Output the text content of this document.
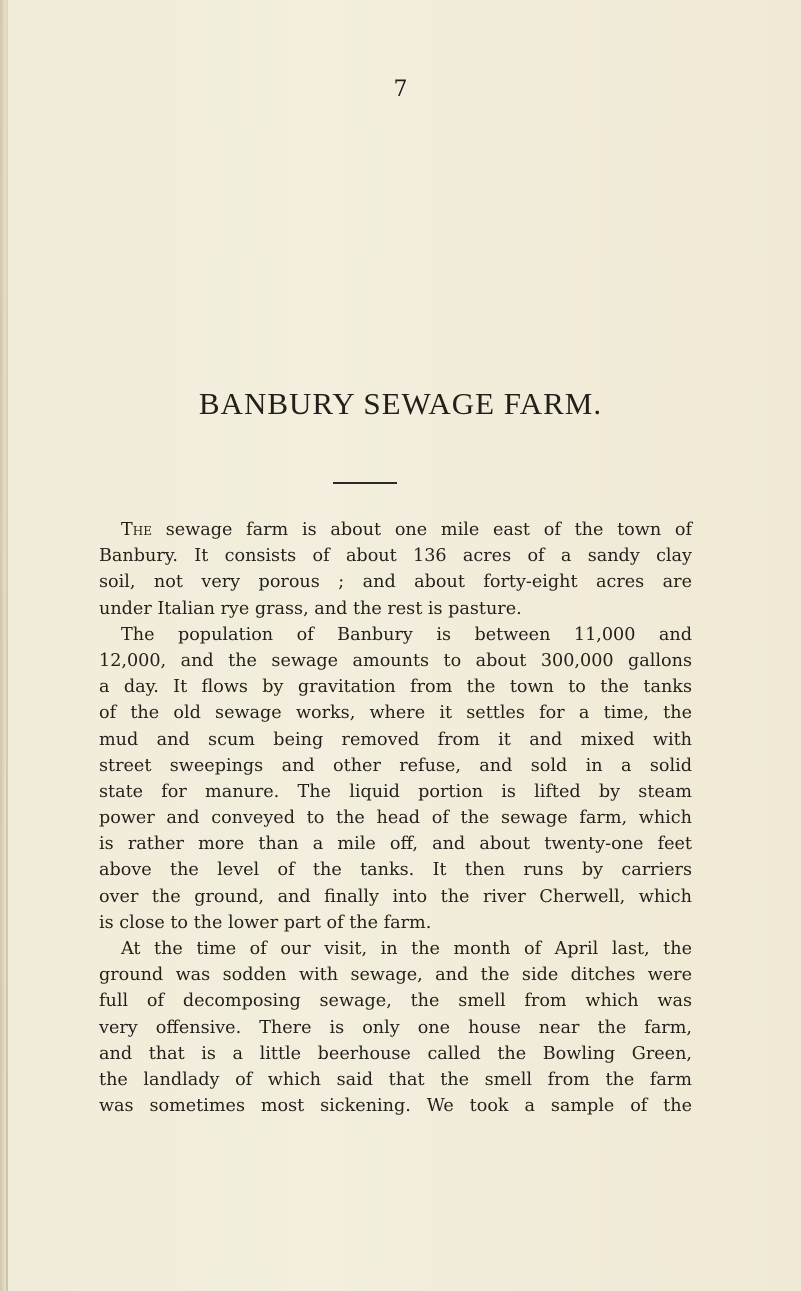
7
BANBURY SEWAGE FARM.
The sewage farm is about one mile east of the town of
Banbury. It consists of about 136 acres of a sandy clay
soil, not very porous ; and about forty-eight acres are
under Italian rye grass, and the rest is pasture.
The population of Banbury is between 11,000 and
12,000, and the sewage amounts to about 300,000 gallons
a day. It flows by gravitation from the town to the tanks
of the old sewage works, where it settles for a time, the
mud and scum being removed from it and mixed with
street sweepings and other refuse, and sold in a solid
state for manure. The liquid portion is lifted by steam
power and conveyed to the head of the sewage farm, which
is rather more than a mile off, and about twenty-one feet
above the level of the tanks. It then runs by carriers
over the ground, and finally into the river Cherwell, which
is close to the lower part of the farm.
At the time of our visit, in the month of April last, the
ground was sodden with sewage, and the side ditches were
full of decomposing sewage, the smell from which was
very offensive. There is only one house near the farm,
and that is a little beerhouse called the Bowling Green,
the landlady of which said that the smell from the farm
was sometimes most sickening. We took a sample of the
